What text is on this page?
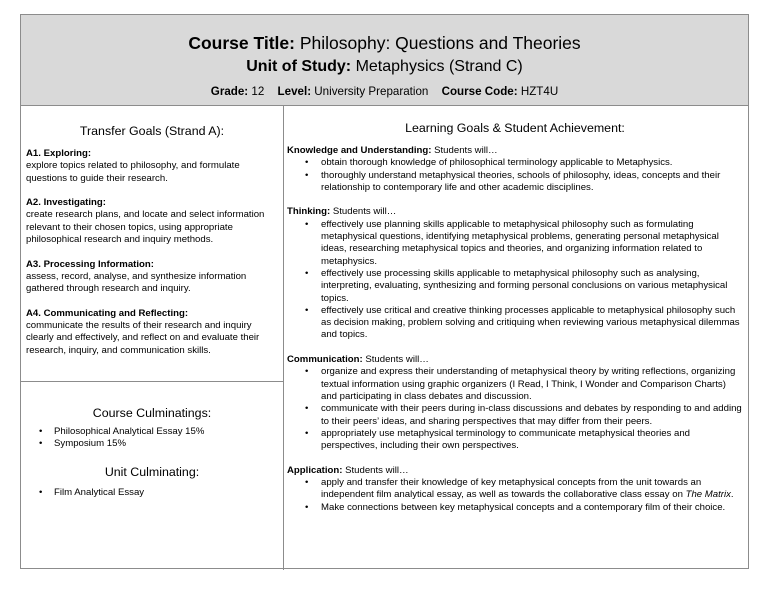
Course Title: Philosophy: Questions and Theories
Unit of Study: Metaphysics (Strand C)
Grade: 12 Level: University Preparation Course Code: HZT4U

Transfer Goals (Strand A):

A1. Exploring:
explore topics related to philosophy, and formulate questions to guide their research.
A2. Investigating:
create research plans, and locate and select information relevant to their chosen topics, using appropriate philosophical research and inquiry methods.
A3. Processing Information:
assess, record, analyse, and synthesize information gathered through research and inquiry.
A4. Communicating and Reflecting:
communicate the results of their research and inquiry clearly and effectively, and reflect on and evaluate their research, inquiry, and communication skills.

Course Culminatings:

• Philosophical Analytical Essay 15%
• Symposium 15%

Unit Culminating:

• Film Analytical Essay

Learning Goals & Student Achievement:

Knowledge and Understanding: Students will…
• obtain thorough knowledge of philosophical terminology applicable to Metaphysics.
• thoroughly understand metaphysical theories, schools of philosophy, ideas, concepts and their relationship to contemporary life and other academic disciplines.
Thinking: Students will…
• effectively use planning skills applicable to metaphysical philosophy such as formulating metaphysical questions, identifying metaphysical problems, generating personal metaphysical ideas, researching metaphysical topics and theories, and organizing information related to metaphysics.
• effectively use processing skills applicable to metaphysical philosophy such as analysing, interpreting, evaluating, synthesizing and forming personal conclusions on various metaphysical topics.
• effectively use critical and creative thinking processes applicable to metaphysical philosophy such as decision making, problem solving and critiquing when reviewing various metaphysical dilemmas and topics.
Communication: Students will…
• organize and express their understanding of metaphysical theory by writing reflections, organizing textual information using graphic organizers (I Read, I Think, I Wonder and Comparison Charts) and participating in class debates and discussion.
• communicate with their peers during in-class discussions and debates by responding to and adding to their peers’ ideas, and sharing perspectives that may differ from their peers.
• appropriately use metaphysical terminology to communicate metaphysical theories and perspectives, including their own perspectives.
Application: Students will…
• apply and transfer their knowledge of key metaphysical concepts from the unit towards an independent film analytical essay, as well as towards the collaborative class essay on The Matrix.
• Make connections between key metaphysical concepts and a contemporary film of their choice.
